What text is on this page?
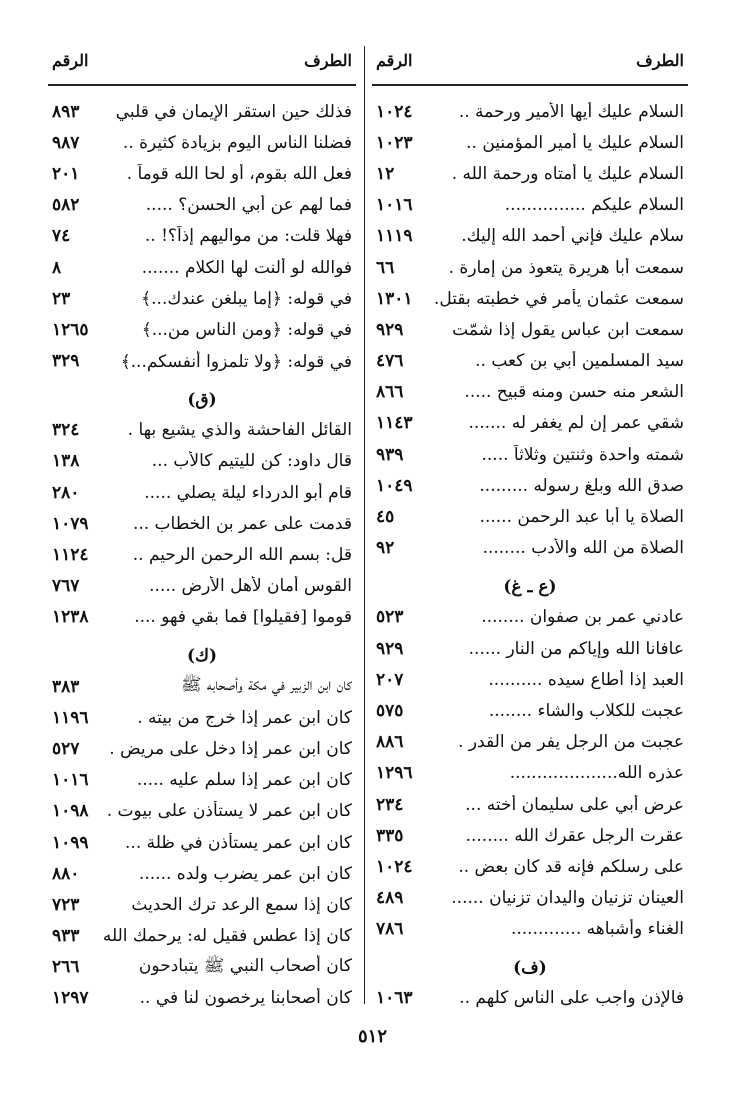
الطرف
الرقم
السلام عليك أيها الأمير ورحمة ..
١٠٢٤
السلام عليك يا أمير المؤمنين ..
١٠٢٣
السلام عليك يا أمتاه ورحمة الله .
١٢
السلام عليكم ...............
١٠١٦
سلام عليك فإني أحمد الله إليك.
١١١٩
سمعت أبا هريرة يتعوذ من إمارة .
٦٦
سمعت عثمان يأمر في خطبته بقتل.
١٣٠١
سمعت ابن عباس يقول إذا شمّت
٩٢٩
سيد المسلمين أبي بن كعب ..
٤٧٦
الشعر منه حسن ومنه قبيح .....
٨٦٦
شقي عمر إن لم يغفر له .......
١١٤٣
شمته واحدة وثنتين وثلاثاً .....
٩٣٩
صدق الله وبلغ رسوله .........
١٠٤٩
الصلاة يا أبا عبد الرحمن ......
٤٥
الصلاة من الله والأدب ........
٩٢
(ع ـ غ)
عادني عمر بن صفوان ........
٥٢٣
عافانا الله وإياكم من النار ......
٩٢٩
العبد إذا أطاع سيده ..........
٢٠٧
عجبت للكلاب والشاء ........
٥٧٥
عجبت من الرجل يفر من القدر .
٨٨٦
عذره الله....................
١٢٩٦
عرض أبي على سليمان أخته ...
٢٣٤
عقرت الرجل عقرك الله ........
٣٣٥
على رسلكم فإنه قد كان بعض ..
١٠٢٤
العينان تزنيان واليدان تزنيان ......
٤٨٩
الغناء وأشباهه .............
٧٨٦
(ف)
فالإذن واجب على الناس كلهم ..
١٠٦٣
الطرف
الرقم
فذلك حين استقر الإيمان في قلبي
٨٩٣
فضلنا الناس اليوم بزيادة كثيرة ..
٩٨٧
فعل الله بقوم، أو لحا الله قوماً .
٢٠١
فما لهم عن أبي الحسن؟ .....
٥٨٢
فهلا قلت: من مواليهم إذاً؟! ..
٧٤
فوالله لو ألنت لها الكلام .......
٨
في قوله: ﴿إما يبلغن عندك...﴾
٢٣
في قوله: ﴿ومن الناس من...﴾
١٢٦٥
في قوله: ﴿ولا تلمزوا أنفسكم...﴾
٣٢٩
(ق)
القائل الفاحشة والذي يشيع بها .
٣٢٤
قال داود: كن لليتيم كالأب ...
١٣٨
قام أبو الدرداء ليلة يصلي .....
٢٨٠
قدمت على عمر بن الخطاب ...
١٠٧٩
قل: بسم الله الرحمن الرحيم ..
١١٢٤
القوس أمان لأهل الأرض .....
٧٦٧
قوموا [فقيلوا] فما بقي فهو ....
١٢٣٨
(ك)
كان ابن الزبير في مكة وأصحابه ﷺ
٣٨٣
كان ابن عمر إذا خرج من بيته .
١١٩٦
كان ابن عمر إذا دخل على مريض .
٥٢٧
كان ابن عمر إذا سلم عليه .....
١٠١٦
كان ابن عمر لا يستأذن على بيوت .
١٠٩٨
كان ابن عمر يستأذن في ظلة ...
١٠٩٩
كان ابن عمر يضرب ولده ......
٨٨٠
كان إذا سمع الرعد ترك الحديث
٧٢٣
كان إذا عطس فقيل له: يرحمك الله
٩٣٣
كان أصحاب النبي ﷺ يتبادحون
٢٦٦
كان أصحابنا يرخصون لنا في ..
١٢٩٧
٥١٢
